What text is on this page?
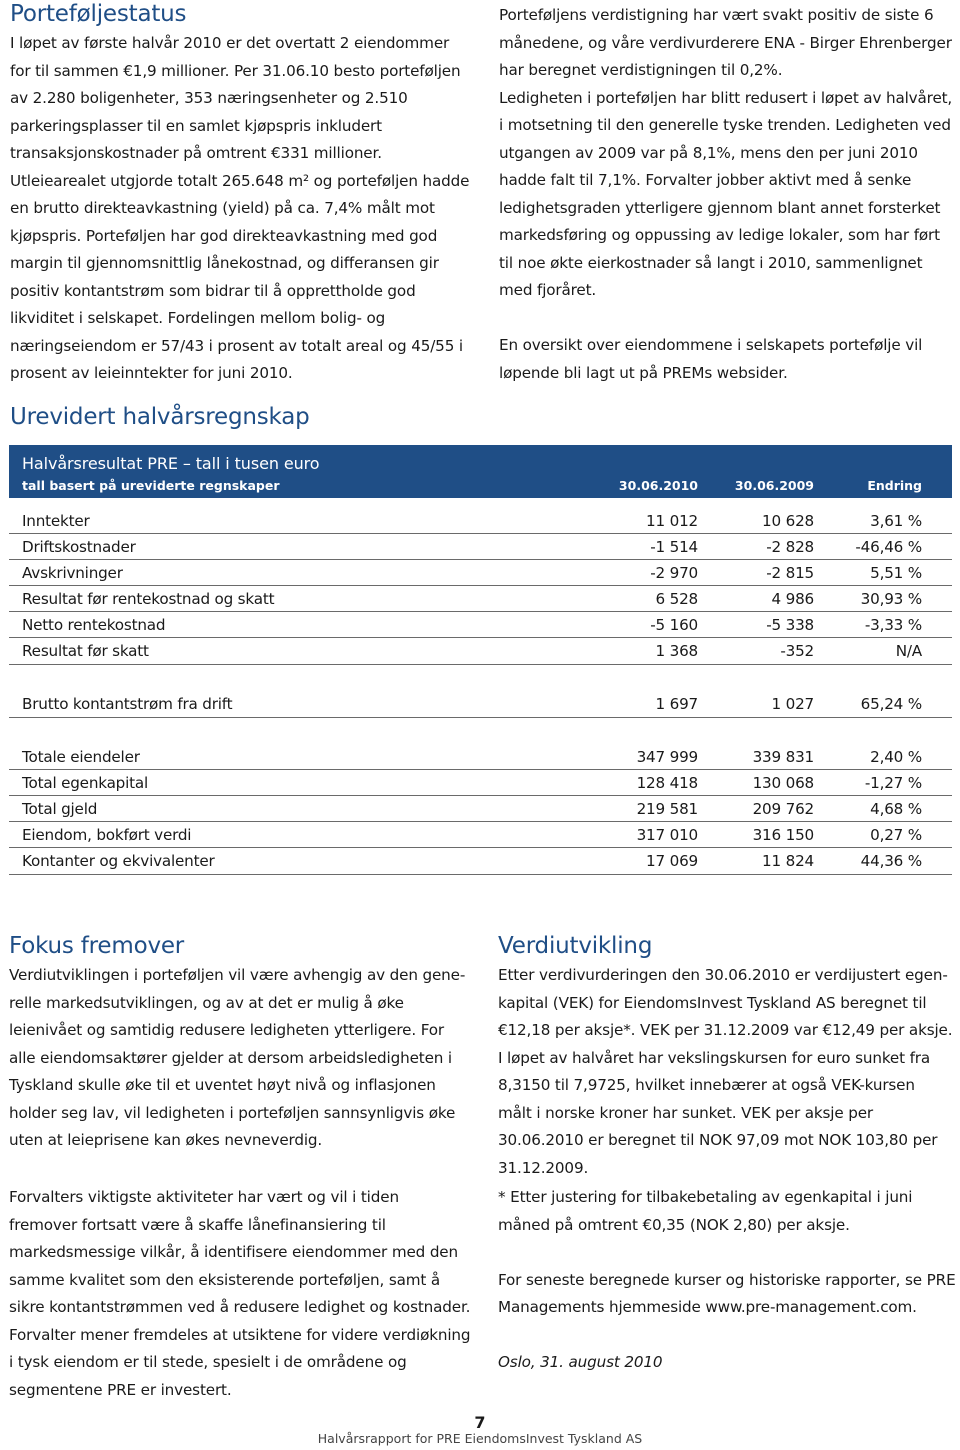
Porteføljestatus

I løpet av første halvår 2010 er det overtatt 2 eiendommer for til sammen €1,9 millioner. Per 31.06.10 besto porteføljen av 2.280 boligenheter, 353 næringsenheter og 2.510 parkeringsplasser til en samlet kjøpspris inkludert transaksjonskostnader på omtrent €331 millioner. Utleiearealet utgjorde totalt 265.648 m² og porteføljen hadde en brutto direkteavkastning (yield) på ca. 7,4% målt mot kjøpspris. Porteføljen har god direkteavkastning med god margin til gjennomsnittlig lånekostnad, og differansen gir positiv kontantstrøm som bidrar til å opprettholde god likviditet i selskapet. Fordelingen mellom bolig- og næringseiendom er 57/43 i prosent av totalt areal og 45/55 i prosent av leieinntekter for juni 2010.

Porteføljens verdistigning har vært svakt positiv de siste 6 månedene, og våre verdivurderere ENA - Birger Ehrenberger har beregnet verdistigningen til 0,2%.

Ledigheten i porteføljen har blitt redusert i løpet av halvåret, i motsetning til den generelle tyske trenden. Ledigheten ved utgangen av 2009 var på 8,1%, mens den per juni 2010 hadde falt til 7,1%. Forvalter jobber aktivt med å senke ledighetsgraden ytterligere gjennom blant annet forsterket markedsføring og oppussing av ledige lokaler, som har ført til noe økte eierkostnader så langt i 2010, sammenlignet med fjoråret.

En oversikt over eiendommene i selskapets portefølje vil løpende bli lagt ut på PREMs websider.

Urevidert halvårsregnskap
Halvårsresultat PRE – tall i tusen euro
tall basert på ureviderte regnskaper	30.06.2010	30.06.2009	Endring
Inntekter	11 012	10 628	3,61 %
Driftskostnader	-1 514	-2 828	-46,46 %
Avskrivninger	-2 970	-2 815	5,51 %
Resultat før rentekostnad og skatt	6 528	4 986	30,93 %
Netto rentekostnad	-5 160	-5 338	-3,33 %
Resultat før skatt	1 368	-352	N/A
Brutto kontantstrøm fra drift	1 697	1 027	65,24 %
Totale eiendeler	347 999	339 831	2,40 %
Total egenkapital	128 418	130 068	-1,27 %
Total gjeld	219 581	209 762	4,68 %
Eiendom, bokført verdi	317 010	316 150	0,27 %
Kontanter og ekvivalenter	17 069	11 824	44,36 %
Fokus fremover

Verdiutviklingen i porteføljen vil være avhengig av den generelle markedsutviklingen, og av at det er mulig å øke leienivået og samtidig redusere ledigheten ytterligere. For alle eiendomsaktører gjelder at dersom arbeidsledigheten i Tyskland skulle øke til et uventet høyt nivå og inflasjonen holder seg lav, vil ledigheten i porteføljen sannsynligvis øke uten at leieprisene kan økes nevneverdig.

Forvalters viktigste aktiviteter har vært og vil i tiden fremover fortsatt være å skaffe lånefinansiering til markedsmessige vilkår, å identifisere eiendommer med den samme kvalitet som den eksisterende porteføljen, samt å sikre kontantstrømmen ved å redusere ledighet og kostnader. Forvalter mener fremdeles at utsiktene for videre verdiøkning i tysk eiendom er til stede, spesielt i de områdene og segmentene PRE er investert.

Verdiutvikling

Etter verdivurderingen den 30.06.2010 er verdijustert egenkapital (VEK) for EiendomsInvest Tyskland AS beregnet til €12,18 per aksje*. VEK per 31.12.2009 var €12,49 per aksje. I løpet av halvåret har vekslingskursen for euro sunket fra 8,3150 til 7,9725, hvilket innebærer at også VEK-kursen målt i norske kroner har sunket. VEK per aksje per 30.06.2010 er beregnet til NOK 97,09 mot NOK 103,80 per 31.12.2009.

* Etter justering for tilbakebetaling av egenkapital i juni måned på omtrent €0,35 (NOK 2,80) per aksje.

For seneste beregnede kurser og historiske rapporter, se PRE Managements hjemmeside www.pre-management.com.

Oslo, 31. august 2010

7
Halvårsrapport for PRE EiendomsInvest Tyskland AS
